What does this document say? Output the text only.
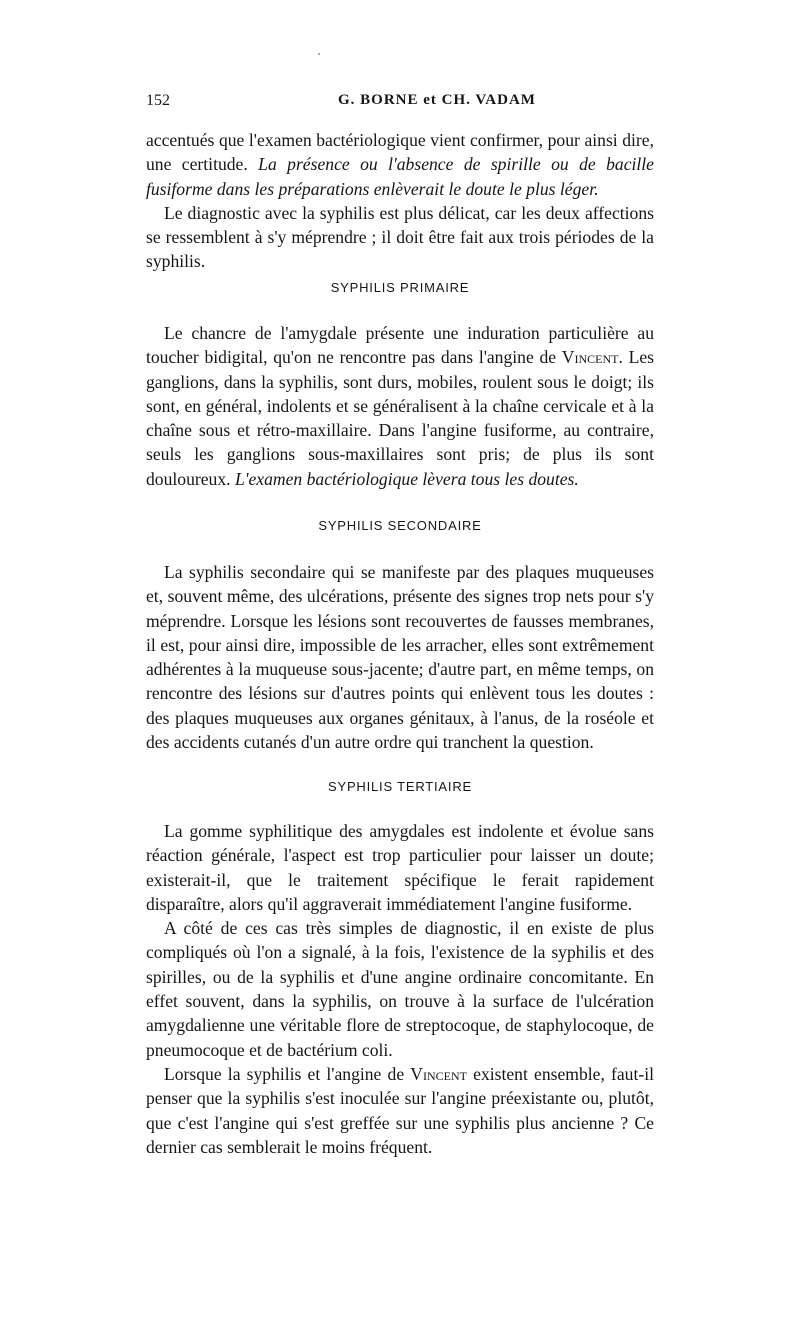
152	G. BORNE et CH. VADAM

accentués que l'examen bactériologique vient confirmer, pour ainsi dire, une certitude. La présence ou l'absence de spirille ou de bacille fusiforme dans les préparations enlèverait le doute le plus léger.

Le diagnostic avec la syphilis est plus délicat, car les deux affections se ressemblent à s'y méprendre ; il doit être fait aux trois périodes de la syphilis.

SYPHILIS PRIMAIRE

Le chancre de l'amygdale présente une induration particulière au toucher bidigital, qu'on ne rencontre pas dans l'angine de Vincent. Les ganglions, dans la syphilis, sont durs, mobiles, roulent sous le doigt; ils sont, en général, indolents et se généralisent à la chaîne cervicale et à la chaîne sous et rétro-maxillaire. Dans l'angine fusiforme, au contraire, seuls les ganglions sous-maxillaires sont pris; de plus ils sont douloureux. L'examen bactériologique lèvera tous les doutes.

SYPHILIS SECONDAIRE

La syphilis secondaire qui se manifeste par des plaques muqueuses et, souvent même, des ulcérations, présente des signes trop nets pour s'y méprendre. Lorsque les lésions sont recouvertes de fausses membranes, il est, pour ainsi dire, impossible de les arracher, elles sont extrêmement adhérentes à la muqueuse sous-jacente; d'autre part, en même temps, on rencontre des lésions sur d'autres points qui enlèvent tous les doutes : des plaques muqueuses aux organes génitaux, à l'anus, de la roséole et des accidents cutanés d'un autre ordre qui tranchent la question.

SYPHILIS TERTIAIRE

La gomme syphilitique des amygdales est indolente et évolue sans réaction générale, l'aspect est trop particulier pour laisser un doute; existerait-il, que le traitement spécifique le ferait rapidement disparaître, alors qu'il aggraverait immédiatement l'angine fusiforme.

A côté de ces cas très simples de diagnostic, il en existe de plus compliqués où l'on a signalé, à la fois, l'existence de la syphilis et des spirilles, ou de la syphilis et d'une angine ordinaire concomitante. En effet souvent, dans la syphilis, on trouve à la surface de l'ulcération amygdalienne une véritable flore de streptocoque, de staphylocoque, de pneumocoque et de bactérium coli.

Lorsque la syphilis et l'angine de Vincent existent ensemble, faut-il penser que la syphilis s'est inoculée sur l'angine préexistante ou, plutôt, que c'est l'angine qui s'est greffée sur une syphilis plus ancienne ? Ce dernier cas semblerait le moins fréquent.
